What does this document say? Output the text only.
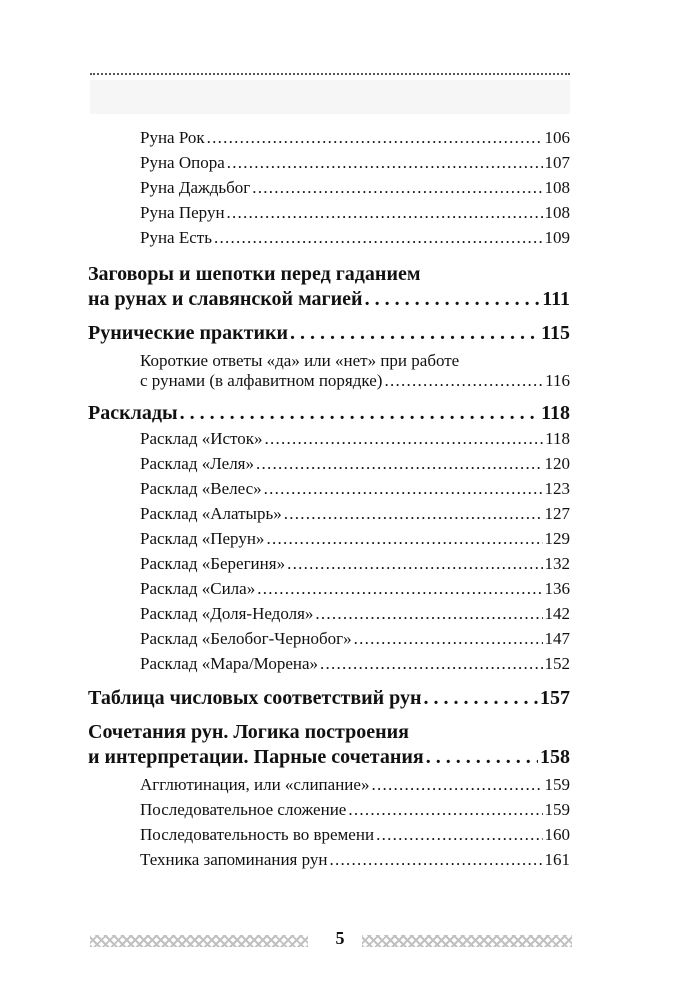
Руна Рок . . .	106
Руна Опора . . .	107
Руна Даждьбог . . .	108
Руна Перун . . .	108
Руна Есть . . .	109
Заговоры и шепотки перед гаданием
на рунах и славянской магией . . .	111
Рунические практики . . .	115
Короткие ответы «да» или «нет» при работе
с рунами (в алфавитном порядке) . . .	116
Расклады . . .	118
Расклад «Исток» . . .	118
Расклад «Леля» . . .	120
Расклад «Велес» . . .	123
Расклад «Алатырь» . . .	127
Расклад «Перун» . . .	129
Расклад «Берегиня» . . .	132
Расклад «Сила» . . .	136
Расклад «Доля-Недоля» . . .	142
Расклад «Белобог-Чернобог» . . .	147
Расклад «Мара/Морена» . . .	152
Таблица числовых соответствий рун . . .	157
Сочетания рун. Логика построения
и интерпретации. Парные сочетания . . .	158
Агглютинация, или «слипание» . . .	159
Последовательное сложение . . .	159
Последовательность во времени . . .	160
Техника запоминания рун . . .	161
5
